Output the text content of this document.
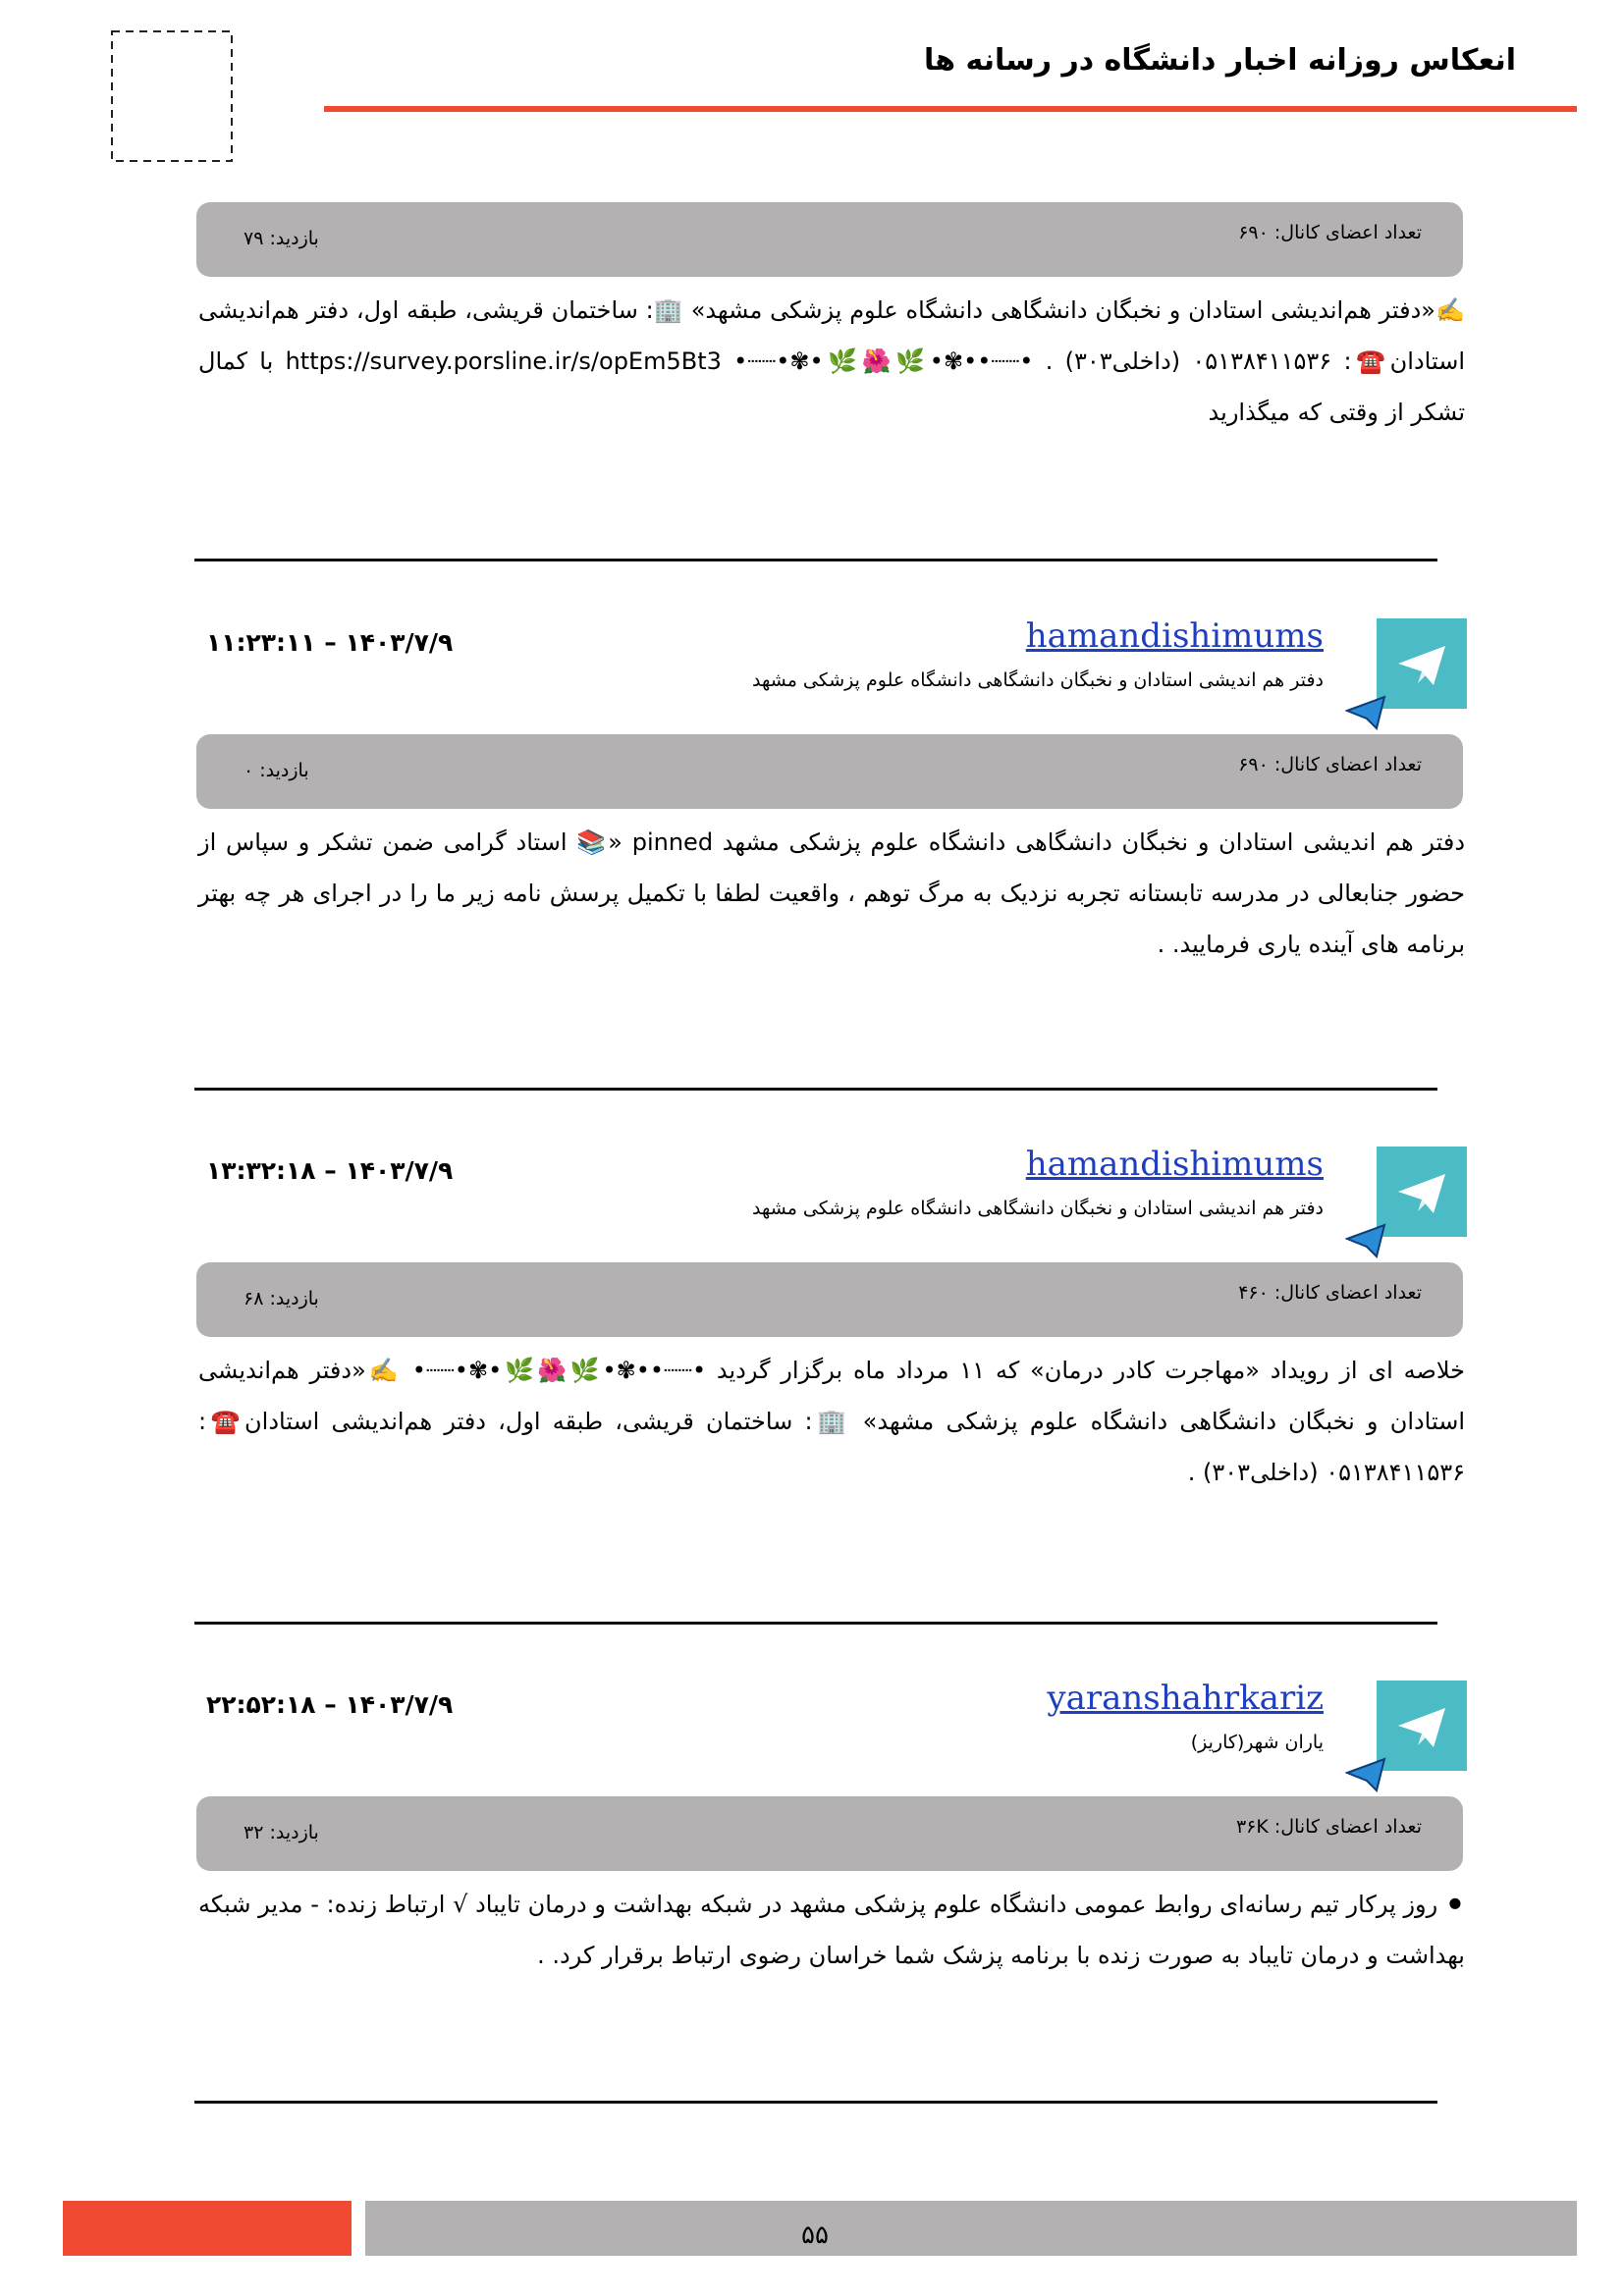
انعکاس روزانه اخبار دانشگاه در رسانه ها
تعداد اعضای کانال: ۶۹۰
بازدید: ۷۹
✍️«دفتر هم‌اندیشی استادان و نخبگان دانشگاهی دانشگاه علوم پزشکی مشهد» 🏢: ساختمان قریشی، طبقه اول، دفتر هم‌اندیشی استادان☎️: ۰۵۱۳۸۴۱۱۵۳۶ (داخلی۳۰۳) . •┈┈••✾•🌿🌺🌿•✾•┈┈• https://survey.porsline.ir/s/opEm5Bt3 با کمال تشکر از وقتی که میگذارید
hamandishimums
دفتر هم اندیشی استادان و نخبگان دانشگاهی دانشگاه علوم پزشکی مشهد
۱۴۰۳/۷/۹ – ۱۱:۲۳:۱۱
تعداد اعضای کانال: ۶۹۰
بازدید: ۰
دفتر هم اندیشی استادان و نخبگان دانشگاهی دانشگاه علوم پزشکی مشهد pinned «📚 استاد گرامی ضمن تشکر و سپاس از حضور جنابعالی در مدرسه تابستانه تجربه نزدیک به مرگ توهم ، واقعیت لطفا با تکمیل پرسش نامه زیر ما را در اجرای هر چه بهتر برنامه های آینده یاری فرمایید. .
hamandishimums
دفتر هم اندیشی استادان و نخبگان دانشگاهی دانشگاه علوم پزشکی مشهد
۱۴۰۳/۷/۹ – ۱۳:۳۲:۱۸
تعداد اعضای کانال: ۴۶۰
بازدید: ۶۸
خلاصه ای از رویداد «مهاجرت کادر درمان» که ۱۱ مرداد ماه برگزار گردید •┈┈••✾•🌿🌺🌿•✾•┈┈• ✍️«دفتر هم‌اندیشی استادان و نخبگان دانشگاهی دانشگاه علوم پزشکی مشهد» 🏢: ساختمان قریشی، طبقه اول، دفتر هم‌اندیشی استادان☎️: ۰۵۱۳۸۴۱۱۵۳۶ (داخلی۳۰۳) .
yaranshahrkariz
یاران شهر(کاریز)
۱۴۰۳/۷/۹ – ۲۲:۵۲:۱۸
تعداد اعضای کانال: ۳۶K
بازدید: ۳۲
⚫ روز پرکار تیم رسانه‌ای روابط عمومی دانشگاه علوم پزشکی مشهد در شبکه بهداشت و درمان تایباد √ ارتباط زنده: - مدیر شبکه بهداشت و درمان تایباد به صورت زنده با برنامه پزشک شما خراسان رضوی ارتباط برقرار کرد. .
۵۵
